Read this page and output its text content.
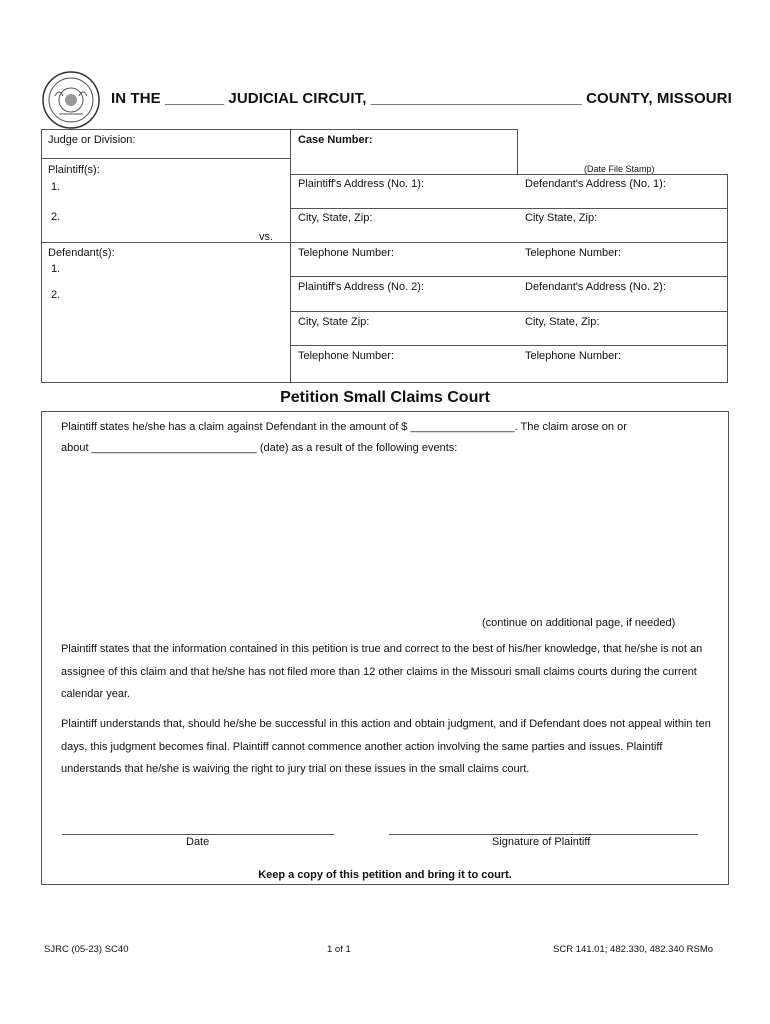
IN THE _______ JUDICIAL CIRCUIT, _________________________ COUNTY, MISSOURI
Judge or Division:	Case Number:
(Date File Stamp)
Plaintiff(s):
1.
2.
vs.
Defendant(s):
1.
2.
Plaintiff's Address (No. 1):	Defendant's Address (No. 1):
City, State, Zip:	City State, Zip:
Telephone Number:	Telephone Number:
Plaintiff's Address (No. 2):	Defendant's Address (No. 2):
City, State Zip:	City, State, Zip:
Telephone Number:	Telephone Number:
Petition Small Claims Court
Plaintiff states he/she has a claim against Defendant in the amount of $ _________________. The claim arose on or
about ___________________________ (date) as a result of the following events:
(continue on additional page, if needed)
Plaintiff states that the information contained in this petition is true and correct to the best of his/her knowledge, that he/she is not an assignee of this claim and that he/she has not filed more than 12 other claims in the Missouri small claims courts during the current calendar year.
Plaintiff understands that, should he/she be successful in this action and obtain judgment, and if Defendant does not appeal within ten days, this judgment becomes final. Plaintiff cannot commence another action involving the same parties and issues. Plaintiff understands that he/she is waiving the right to jury trial on these issues in the small claims court.
Date	Signature of Plaintiff
Keep a copy of this petition and bring it to court.
SJRC (05-23) SC40	1 of 1	SCR 141.01; 482.330, 482.340 RSMo
